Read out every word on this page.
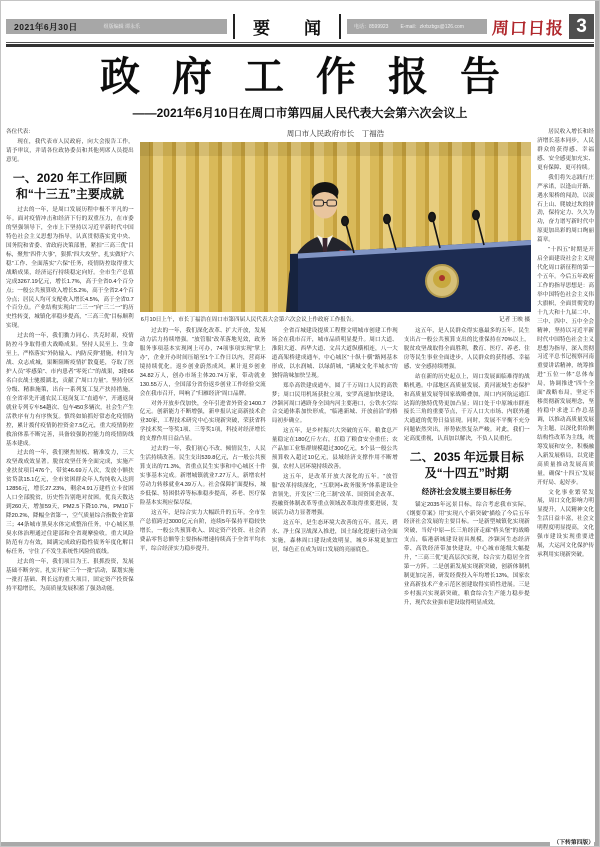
2021年6月30日	组版编辑 谭永乐	要 闻	电话：8599923 E-mail：zkrbzbgs@126.com 周口日报 3
政府工作报告
——2021年6月10日在周口市第四届人民代表大会第六次会议上

各位代表：

现在，我代表市人民政府，向大会报告工作，请予审议，并请各位政协委员和其他列席人员提出意见。

一、2020 年工作回顾 和“十三五”主要成就

过去的一年，是周口发展历程中极不平凡的一年。面对疫情冲击和经济下行的双重压力，在市委的坚强领导下，全市上下坚持以习近平新时代中国特色社会主义思想为指导，认真贯彻落实党中央、国务院和省委、省政府决策部署，紧扣“三高三优”目标，聚焦“四件大事”，狠抓“四大攻坚”，扎实做好“六稳”工作、全面落实“六保”任务，疫情防控取得重大战略成果，经济运行持续稳定向好。全市生产总值完成3267.19亿元，增长1.7%，高于全省0.4个百分点；一般公共预算收入增长5.2%，高于全省2.4个百分点；居民人均可支配收入增长4.5%，高于全省0.7个百分点。产业结构实现由“二三一”向“三二一”的历史性转变，城镇化率稳步提高，“三高三优”目标顺利实现。

过去的一年，我们勠力同心、共克时艰，疫情防控斗争取得重大战略成果。坚持人民至上、生命至上，严格落实“外防输入、内防反弹”措施，村自为战、众志成城，果断阻断疫情扩散蔓延，夺取了医护人员“零感染”、市内患者“零死亡”的战果，3批66名白衣战士驰援湖北，贡献了“周口力量”。坚持分区分级、精准施策，出台一系列复工复产扶持措施，在全省率先开通农民工返岗复工“直通车”，开通返岗就业专列专车54趟次、包车450多辆次，社会生产生活秩序有力有序恢复。慎终如始抓好常态化疫情防控，累计拨付疫情防控资金7.5亿元，重大疫情防控救治体系不断完善，具备较强防控能力的疫情防线基本建成。

过去的一年，我们聚焦短板、精准发力，三大攻坚战成效显著。脱贫攻坚任务全面完成，实施产业扶贫项目476个，带贫46.69万人次，发放小额扶贫贷款15.1亿元，全市贫困群众年人均纯收入达到12856元，增长27.23%，剩余4.91万建档立卡贫困人口全部脱贫，历史性告别绝对贫困。优良天数达到260天，增加59天，PM2.5下降10.7%，PM10下降20.2%，降幅全省第一，空气质量综合指数全省第三；44条城市黑臭水体完成整治任务，中心城区黑臭水体治理通过住建部和全省观摩验收。重大风险防范有力有效，圆满完成政府隐性债务年度化解目标任务，守住了不发生系统性风险的底线。

过去的一年，我们项目为王、狠抓投资，发展基础不断夯实。扎实开展“三个一批”活动，谋划实施一批打基础、利长远的重大项目，固定资产投资保持平稳增长，为高质量发展积蓄了强劲动能。

周口市人民政府市长　丁福浩
6月10日上午，市长丁福浩在周口市第四届人民代表大会第六次会议上作政府工作报告。	记者 王映 摄

过去的一年，我们深化改革、扩大开放，发展动力活力持续增强。“放管服”改革落地见效，政务服务事项基本实现网上可办，74项事项实现“掌上办”，企业开办时间压缩至1个工作日以内，营商环境持续优化。返乡创业蔚然成风，累计返乡创业34.82万人，创办市场主体20.74万家，带动就业130.55万人，全国部分省份返乡创业工作经验交流会在我市召开，叫响了“归雁经济”周口品牌。

对外开放步伐加快，全年引进省外资金1400.7亿元。创新能力不断增强，新申报认定高新技术企业30家，工程技术研究中心实现新突破，荣获省科学技术奖一等奖1项、三等奖1项，科技对经济增长的支撑作用日益凸显。

过去的一年，我们初心不改、倾情民生，人民生活持续改善。民生支出539.8亿元，占一般公共预算支出的71.3%，省重点民生实事和中心城区十件实事基本完成。新增城镇就业7.27万人，新增农村劳动力转移就业4.39万人。社会保障扩面提标，城乡低保、特困供养等标准稳步提高，养老、医疗保险基本实现应保尽保。

这五年，是综合实力大幅跃升的五年。全市生产总值跨过3000亿元台阶，连续5年保持平稳较快增长，一般公共预算收入、固定资产投资、社会消费品零售总额等主要指标增速持续高于全省平均水平，综合经济实力稳步提升。

全省百城建设提质工程暨文明城市创建工作现场会在我市召开，城市品质明显提升。周口大道、淮阳大道、西华大道、文昌大道纵横相连，八一大道高架桥建成通车，中心城区“十纵十横”路网基本形成，以水润城、以绿荫城，“满城文化半城水”的独特韵味加快呈现。

郑阜高铁建成通车，圆了千万周口人民的高铁梦；周口民用机场获批立项，安罗高速加快建设，沙颍河周口港跻身全国内河主要港口，公铁水空综合交通体系加快形成，“临港新城、开放前沿”的格局初步确立。

这五年，是乡村振兴大突破的五年。粮食总产量稳定在180亿斤左右，扛稳了粮食安全重任；农产品加工业集群规模超过300亿元，5个县一般公共预算收入超过10亿元，县域经济支撑作用不断增强，农村人居环境持续改善。

这五年，是改革开放大深化的五年。“放管服”改革持续深化，“互联网+政务服务”体系建设全省领先，开发区“三化三制”改革、国资国企改革、投融资体制改革等重点领域改革取得重要进展，发展活力动力显著增强。

这五年，是生态环境大改善的五年。蓝天、碧水、净土保卫战深入推进，国土绿化提速行动全面实施，森林周口建设成效明显，城乡环境更加宜居，绿色正在成为周口发展的亮丽底色。

这五年，是人民群众得实惠最多的五年。民生支出占一般公共预算支出的比重保持在70%以上，脱贫攻坚战取得全面胜利，教育、医疗、养老、住房等民生事业全面进步，人民群众的获得感、幸福感、安全感持续增强。

站在新的历史起点上，周口发展面临难得的战略机遇。中部地区高质量发展、黄河流域生态保护和高质量发展等国家战略叠加，周口内河航运通江达海的独特优势更加凸显；周口处于中原城市群连接长三角的重要节点，千万人口大市场、内联外通大通道的优势日益显现。同时，发展不平衡不充分问题依然突出，形势依然复杂严峻。对此，我们一定高度重视，认真加以解决，不负人民重托。

二、2035 年远景目标
及“十四五”时期
经济社会发展主要目标任务

锚定2035年远景目标，综合考虑我市实际，《纲要草案》用“实现八个新突破”描绘了今后五年经济社会发展的主要目标。一是新型城镇化实现新突破，当好中原—长三角经济走廊“桥头堡”的战略支点，临港新城建设初具规模，沙颍河生态经济带、高铁经济带加快建设，中心城市能级大幅提升，“三高三优”更高层次实现，综合实力稳居全省第一方阵。二是创新发展实现新突破，创新体制机制更加完善，研发经费投入年均增长13%，国家农业高新技术产业示范区创建取得实质性进展。三是乡村振兴实现新突破，粮食综合生产能力稳步提升，现代农业强市建设取得明显成效。

居民收入增长和经济增长基本同步，人民群众的获得感、幸福感、安全感更加充实、更有保障、更可持续。

我们将矢志践行庄严承诺，以逢山开路、遇水架桥的闯劲，以滚石上山、爬坡过坎的拼劲，保持定力、久久为功，奋力谱写新时代中原更加出彩的周口绚丽篇章。

“十四五”时期是开启全面建设社会主义现代化周口新征程的第一个五年。今后五年政府工作的指导思想是：高举中国特色社会主义伟大旗帜，全面贯彻党的十九大和十九届二中、三中、四中、五中全会精神，坚持以习近平新时代中国特色社会主义思想为指导，深入贯彻习近平总书记视察河南重要讲话精神，统筹推进“五位一体”总体布局，协调推进“四个全面”战略布局，坚定不移贯彻新发展理念，坚持稳中求进工作总基调，以推动高质量发展为主题，以深化供给侧结构性改革为主线，统筹发展和安全，积极融入新发展格局，以党建高质量推动发展高质量，确保“十四五”发展开好局、起好步。

文化事业繁荣发展，周口文化影响力明显提升，人民精神文化生活日益丰富，社会文明程度明显提高，文化强市建设实现重要进展，大运河文化保护传承利用实现新突破。

（下转第四版）
